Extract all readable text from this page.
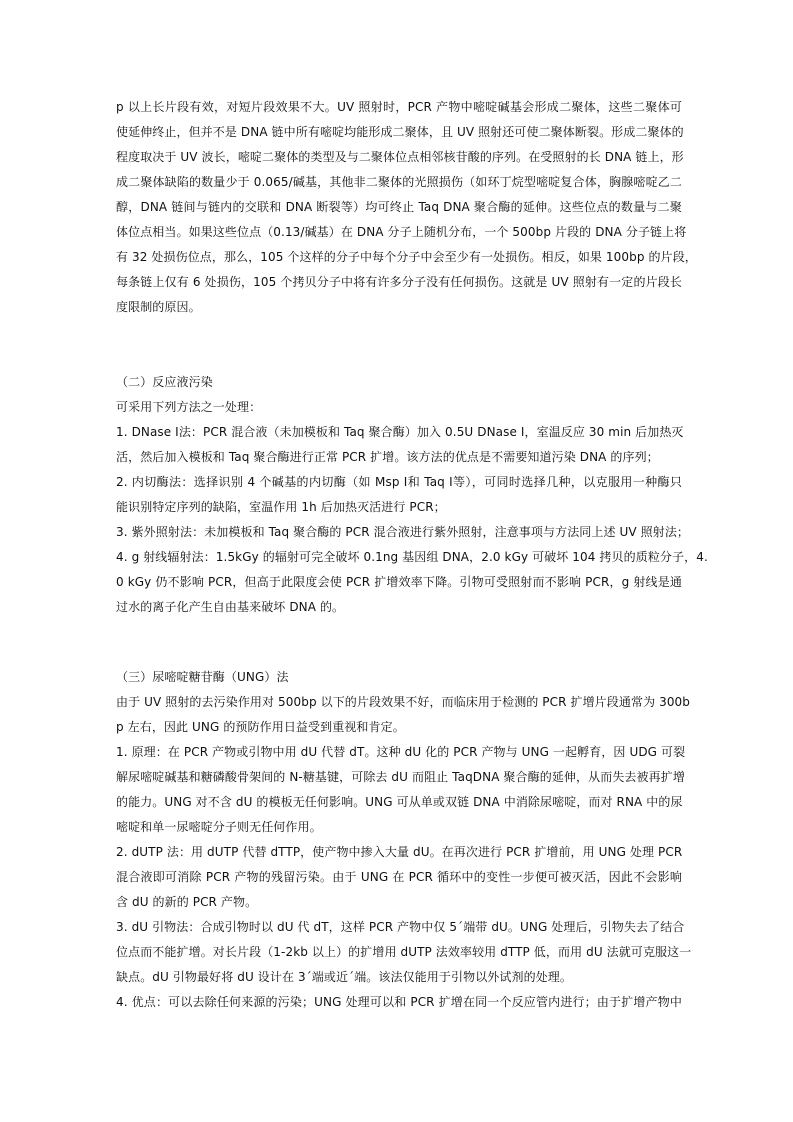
p 以上长片段有效，对短片段效果不大。UV 照射时，PCR 产物中嘧啶碱基会形成二聚体，这些二聚体可
使延伸终止，但并不是 DNA 链中所有嘧啶均能形成二聚体，且 UV 照射还可使二聚体断裂。形成二聚体的
程度取决于 UV 波长，嘧啶二聚体的类型及与二聚体位点相邻核苷酸的序列。在受照射的长 DNA 链上，形
成二聚体缺陷的数量少于 0.065/碱基，其他非二聚体的光照损伤（如环丁烷型嘧啶复合体，胸腺嘧啶乙二
醇，DNA 链间与链内的交联和 DNA 断裂等）均可终止 Taq DNA 聚合酶的延伸。这些位点的数量与二聚
体位点相当。如果这些位点（0.13/碱基）在 DNA 分子上随机分布，一个 500bp 片段的 DNA 分子链上将
有 32 处损伤位点，那么，105 个这样的分子中每个分子中会至少有一处损伤。相反，如果 100bp 的片段，
每条链上仅有 6 处损伤，105 个拷贝分子中将有许多分子没有任何损伤。这就是 UV 照射有一定的片段长
度限制的原因。
（二）反应液污染
可采用下列方法之一处理：
1. DNase Ⅰ法：PCR 混合液（未加模板和 Taq 聚合酶）加入 0.5U DNase Ⅰ，室温反应 30 min 后加热灭
活，然后加入模板和 Taq 聚合酶进行正常 PCR 扩增。该方法的优点是不需要知道污染 DNA 的序列；
2. 内切酶法：选择识别 4 个碱基的内切酶（如 Msp Ⅰ和 Taq Ⅰ等），可同时选择几种，以克服用一种酶只
能识别特定序列的缺陷，室温作用 1h 后加热灭活进行 PCR；
3. 紫外照射法：未加模板和 Taq 聚合酶的 PCR 混合液进行紫外照射，注意事项与方法同上述 UV 照射法；
4. g 射线辐射法：1.5kGy 的辐射可完全破坏 0.1ng 基因组 DNA，2.0 kGy 可破坏 104 拷贝的质粒分子，4.
0 kGy 仍不影响 PCR，但高于此限度会使 PCR 扩增效率下降。引物可受照射而不影响 PCR，g 射线是通
过水的离子化产生自由基来破坏 DNA 的。
（三）尿嘧啶糖苷酶（UNG）法
由于 UV 照射的去污染作用对 500bp 以下的片段效果不好，而临床用于检测的 PCR 扩增片段通常为 300b
p 左右，因此 UNG 的预防作用日益受到重视和肯定。
1. 原理：在 PCR 产物或引物中用 dU 代替 dT。这种 dU 化的 PCR 产物与 UNG 一起孵育，因 UDG 可裂
解尿嘧啶碱基和糖磷酸骨架间的 N-糖基键，可除去 dU 而阻止 TaqDNA 聚合酶的延伸，从而失去被再扩增
的能力。UNG 对不含 dU 的模板无任何影响。UNG 可从单或双链 DNA 中消除尿嘧啶，而对 RNA 中的尿
嘧啶和单一尿嘧啶分子则无任何作用。
2. dUTP 法：用 dUTP 代替 dTTP，使产物中掺入大量 dU。在再次进行 PCR 扩增前，用 UNG 处理 PCR
混合液即可消除 PCR 产物的残留污染。由于 UNG 在 PCR 循环中的变性一步便可被灭活，因此不会影响
含 dU 的新的 PCR 产物。
3. dU 引物法：合成引物时以 dU 代 dT，这样 PCR 产物中仅 5´端带 dU。UNG 处理后，引物失去了结合
位点而不能扩增。对长片段（1-2kb 以上）的扩增用 dUTP 法效率较用 dTTP 低，而用 dU 法就可克服这一
缺点。dU 引物最好将 dU 设计在 3´端或近´端。该法仅能用于引物以外试剂的处理。
4. 优点：可以去除任何来源的污染；UNG 处理可以和 PCR 扩增在同一个反应管内进行；由于扩增产物中
